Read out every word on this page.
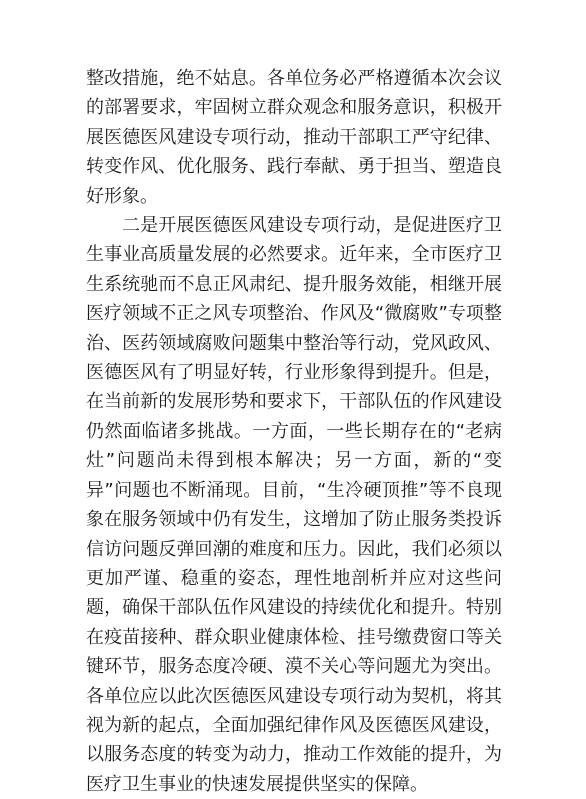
整改措施，绝不姑息。各单位务必严格遵循本次会议的部署要求，牢固树立群众观念和服务意识，积极开展医德医风建设专项行动，推动干部职工严守纪律、转变作风、优化服务、践行奉献、勇于担当、塑造良好形象。

二是开展医德医风建设专项行动，是促进医疗卫生事业高质量发展的必然要求。近年来，全市医疗卫生系统驰而不息正风肃纪、提升服务效能，相继开展医疗领域不正之风专项整治、作风及“微腐败”专项整治、医药领域腐败问题集中整治等行动，党风政风、医德医风有了明显好转，行业形象得到提升。但是，在当前新的发展形势和要求下，干部队伍的作风建设仍然面临诸多挑战。一方面，一些长期存在的“老病灶”问题尚未得到根本解决；另一方面，新的“变异”问题也不断涌现。目前，“生冷硬顶推”等不良现象在服务领域中仍有发生，这增加了防止服务类投诉信访问题反弹回潮的难度和压力。因此，我们必须以更加严谨、稳重的姿态，理性地剖析并应对这些问题，确保干部队伍作风建设的持续优化和提升。特别在疫苗接种、群众职业健康体检、挂号缴费窗口等关键环节，服务态度冷硬、漠不关心等问题尤为突出。各单位应以此次医德医风建设专项行动为契机，将其视为新的起点，全面加强纪律作风及医德医风建设，以服务态度的转变为动力，推动工作效能的提升，为医疗卫生事业的快速发展提供坚实的保障。
